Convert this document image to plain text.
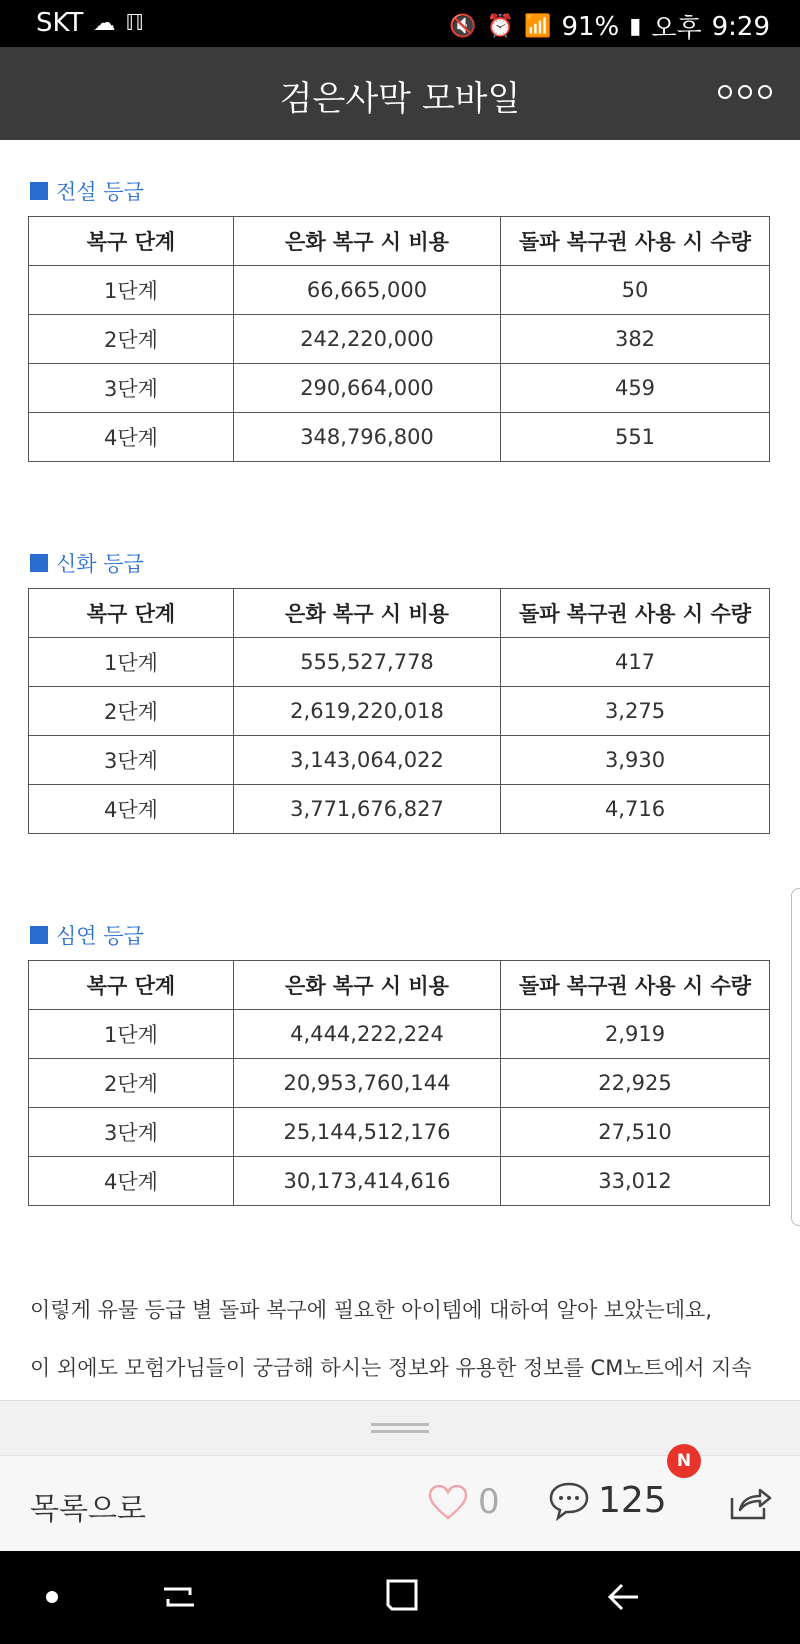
SKT ☁ ℿ	🔇 ⏰ 📶 91% ▮ 오후 9:29
검은사막 모바일
전설 등급
복구 단계	은화 복구 시 비용	돌파 복구권 사용 시 수량
1단계	66,665,000	50
2단계	242,220,000	382
3단계	290,664,000	459
4단계	348,796,800	551
신화 등급
복구 단계	은화 복구 시 비용	돌파 복구권 사용 시 수량
1단계	555,527,778	417
2단계	2,619,220,018	3,275
3단계	3,143,064,022	3,930
4단계	3,771,676,827	4,716
심연 등급
복구 단계	은화 복구 시 비용	돌파 복구권 사용 시 수량
1단계	4,444,222,224	2,919
2단계	20,953,760,144	22,925
3단계	25,144,512,176	27,510
4단계	30,173,414,616	33,012
이렇게 유물 등급 별 돌파 복구에 필요한 아이템에 대하여 알아 보았는데요,
이 외에도 모험가님들이 궁금해 하시는 정보와 유용한 정보를 CM노트에서 지속
목록으로	0	125
N
